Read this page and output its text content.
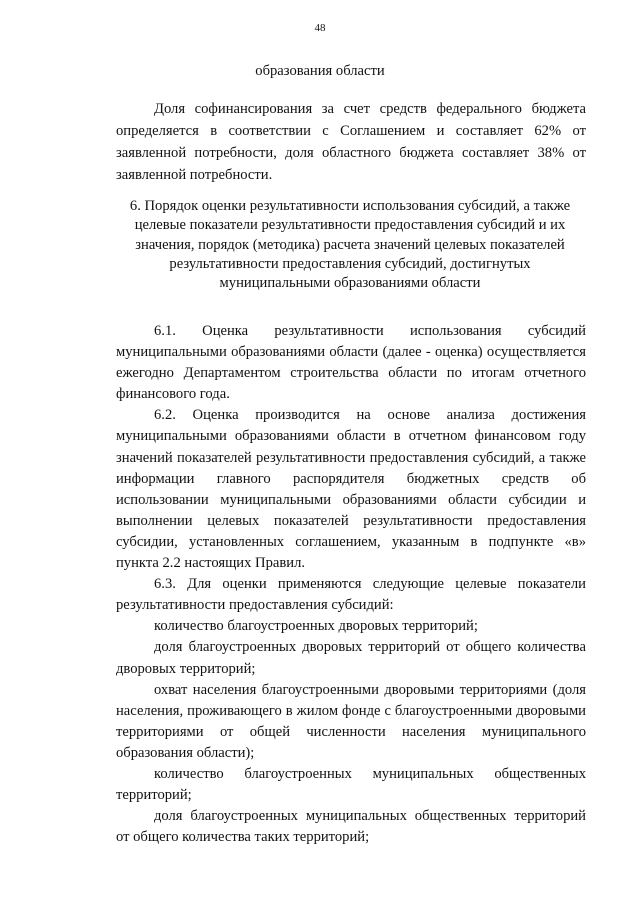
48
образования области
Доля софинансирования за счет средств федерального бюджета определяется в соответствии с Соглашением и составляет 62% от заявленной потребности, доля областного бюджета составляет 38% от заявленной потребности.
6. Порядок оценки результативности использования субсидий, а также целевые показатели результативности предоставления субсидий и их значения, порядок (методика) расчета значений целевых показателей результативности предоставления субсидий, достигнутых муниципальными образованиями области

6.1. Оценка результативности использования субсидий муниципальными образованиями области (далее - оценка) осуществляется ежегодно Департаментом строительства области по итогам отчетного финансового года.

6.2. Оценка производится на основе анализа достижения муниципальными образованиями области в отчетном финансовом году значений показателей результативности предоставления субсидий, а также информации главного распорядителя бюджетных средств об использовании муниципальными образованиями области субсидии и выполнении целевых показателей результативности предоставления субсидии, установленных соглашением, указанным в подпункте «в» пункта 2.2 настоящих Правил.

6.3. Для оценки применяются следующие целевые показатели результативности предоставления субсидий:

количество благоустроенных дворовых территорий;

доля благоустроенных дворовых территорий от общего количества дворовых территорий;

охват населения благоустроенными дворовыми территориями (доля населения, проживающего в жилом фонде с благоустроенными дворовыми территориями от общей численности населения муниципального образования области);

количество благоустроенных муниципальных общественных территорий;

доля благоустроенных муниципальных общественных территорий от общего количества таких территорий;
